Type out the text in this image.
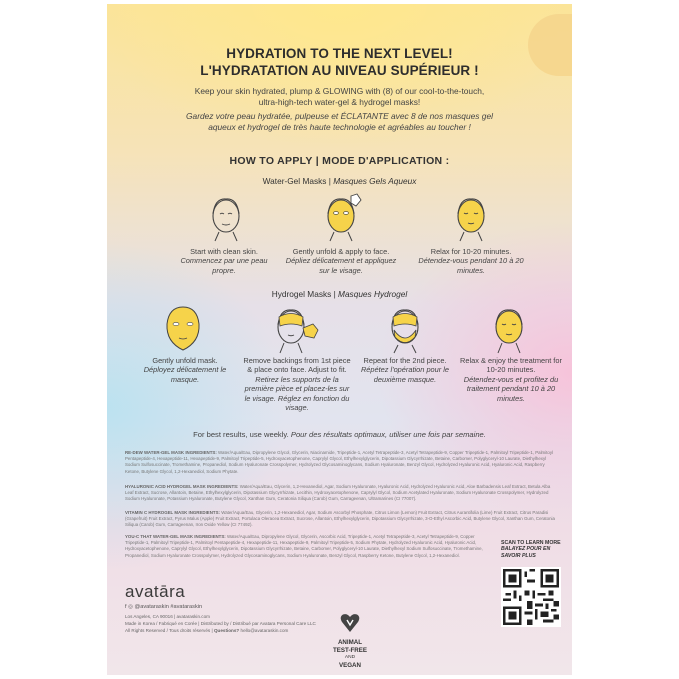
HYDRATION TO THE NEXT LEVEL!
L'HYDRATATION AU NIVEAU SUPÉRIEUR !
Keep your skin hydrated, plump & GLOWING with (8) of our cool-to-the-touch,
ultra-high-tech water-gel & hydrogel masks!
Gardez votre peau hydratée, pulpeuse et ÉCLATANTE avec 8 de nos masques gel
aqueux et hydrogel de très haute technologie et agréables au toucher !
HOW TO APPLY | MODE D'APPLICATION :
Water-Gel Masks | Masques Gels Aqueux
Start with clean skin.
Commencez par une peau propre.
Gently unfold & apply to face.
Dépliez délicatement et appliquez sur le visage.
Relax for 10-20 minutes.
Détendez-vous pendant 10 à 20 minutes.
Hydrogel Masks | Masques Hydrogel
Gently unfold mask.
Déployez délicatement le masque.
Remove backings from 1st piece & place onto face. Adjust to fit.
Retirez les supports de la première pièce et placez-les sur le visage. Réglez en fonction du visage.
Repeat for the 2nd piece.
Répétez l'opération pour le deuxième masque.
Relax & enjoy the treatment for 10-20 minutes.
Détendez-vous et profitez du traitement pendant 10 à 20 minutes.
For best results, use weekly. Pour des résultats optimaux, utiliser une fois par semaine.
RE-DEW WATER-GEL MASK INGREDIENTS: Water/Aqua/Eau, Dipropylene Glycol, Glycerin, Niacinamide, Tripeptide-1, Acetyl Tetrapeptide-3, Acetyl Tetrapeptide-9, Copper Tripeptide-1, Palmitoyl Tripeptide-1, Palmitoyl Pentapeptide-4, Hexapeptide-11, Hexapeptide-9, Palmitoyl Tripeptide-5, Hydroxyacetophenone, Caprylyl Glycol, Ethylhexylglycerin, Dipotassium Glycyrrhizate, Betaine, Carbomer, Polyglyceryl-10 Laurate, Diethylhexyl Sodium Sulfosuccinate, Tromethamine, Propanediol, Sodium Hyaluronate Crosspolymer, Hydrolyzed Glycosaminoglycans, Sodium Hyaluronate, Benzyl Glycol, Hydrolyzed Hyaluronic Acid, Hyaluronic Acid, Raspberry Ketone, Butylene Glycol, 1,2-Hexanediol, Sodium Phytate.
HYALURONIC ACID HYDROGEL MASK INGREDIENTS: Water/Aqua/Eau, Glycerin, 1,2-Hexanediol, Agar, Sodium Hyaluronate, Hyaluronic Acid, Hydrolyzed Hyaluronic Acid, Aloe Barbadensis Leaf Extract, Betula Alba Leaf Extract, Sucrose, Allantoin, Betaine, Ethylhexylglycerin, Dipotassium Glycyrrhizate, Lecithin, Hydroxyacetophenone, Caprylyl Glycol, Sodium Acetylated Hyaluronate, Sodium Hyaluronate Crosspolymer, Hydrolyzed Sodium Hyaluronate, Potassium Hyaluronate, Butylene Glycol, Xanthan Gum, Ceratonia Siliqua (Carob) Gum, Carrageenan, Ultramarines (CI 77007).
VITAMIN C HYDROGEL MASK INGREDIENTS: Water/Aqua/Eau, Glycerin, 1,2-Hexanediol, Agar, Sodium Ascorbyl Phosphate, Citrus Limon (Lemon) Fruit Extract, Citrus Aurantifolia (Lime) Fruit Extract, Citrus Paradisi (Grapefruit) Fruit Extract, Pyrus Malus (Apple) Fruit Extract, Portulaca Oleracea Extract, Sucrose, Allantoin, Ethylhexylglycerin, Dipotassium Glycyrrhizate, 3-O-Ethyl Ascorbic Acid, Butylene Glycol, Xanthan Gum, Ceratonia Siliqua (Carob) Gum, Carrageenan, Iron Oxide Yellow (CI 77492).
YOU-C THAT WATER-GEL MASK INGREDIENTS: Water/Aqua/Eau, Dipropylene Glycol, Glycerin, Ascorbic Acid, Tripeptide-1, Acetyl Tetrapeptide-3, Acetyl Tetrapeptide-9, Copper Tripeptide-1, Palmitoyl Tripeptide-1, Palmitoyl Pentapeptide-4, Hexapeptide-11, Hexapeptide-9, Palmitoyl Tripeptide-5, Sodium Phytate, Hydrolyzed Hyaluronic Acid, Hyaluronic Acid, Hydroxyacetophenone, Caprylyl Glycol, Ethylhexylglycerin, Dipotassium Glycyrrhizate, Betaine, Carbomer, Polyglyceryl-10 Laurate, Diethylhexyl Sodium Sulfosuccinate, Tromethamine, Propanediol, Sodium Hyaluronate Crosspolymer, Hydrolyzed Glycosaminoglycans, Sodium Hyaluronate, Benzyl Glycol, Raspberry Ketone, Butylene Glycol, 1,2-Hexanediol.
avatāra
f ◎ @avataraskin #avataraskin
Los Angeles, CA 90016 | avataraskin.com
Made in Korea / Fabriqué en Corée | Distributed by / Distribué par Avatara Personal Care LLC
All Rights Reserved / Tous droits réservés | Questions? hello@avataraskin.com
ANIMAL
TEST-FREE
AND
VEGAN
SCAN TO LEARN MORE
BALAYEZ POUR EN
SAVOIR PLUS
